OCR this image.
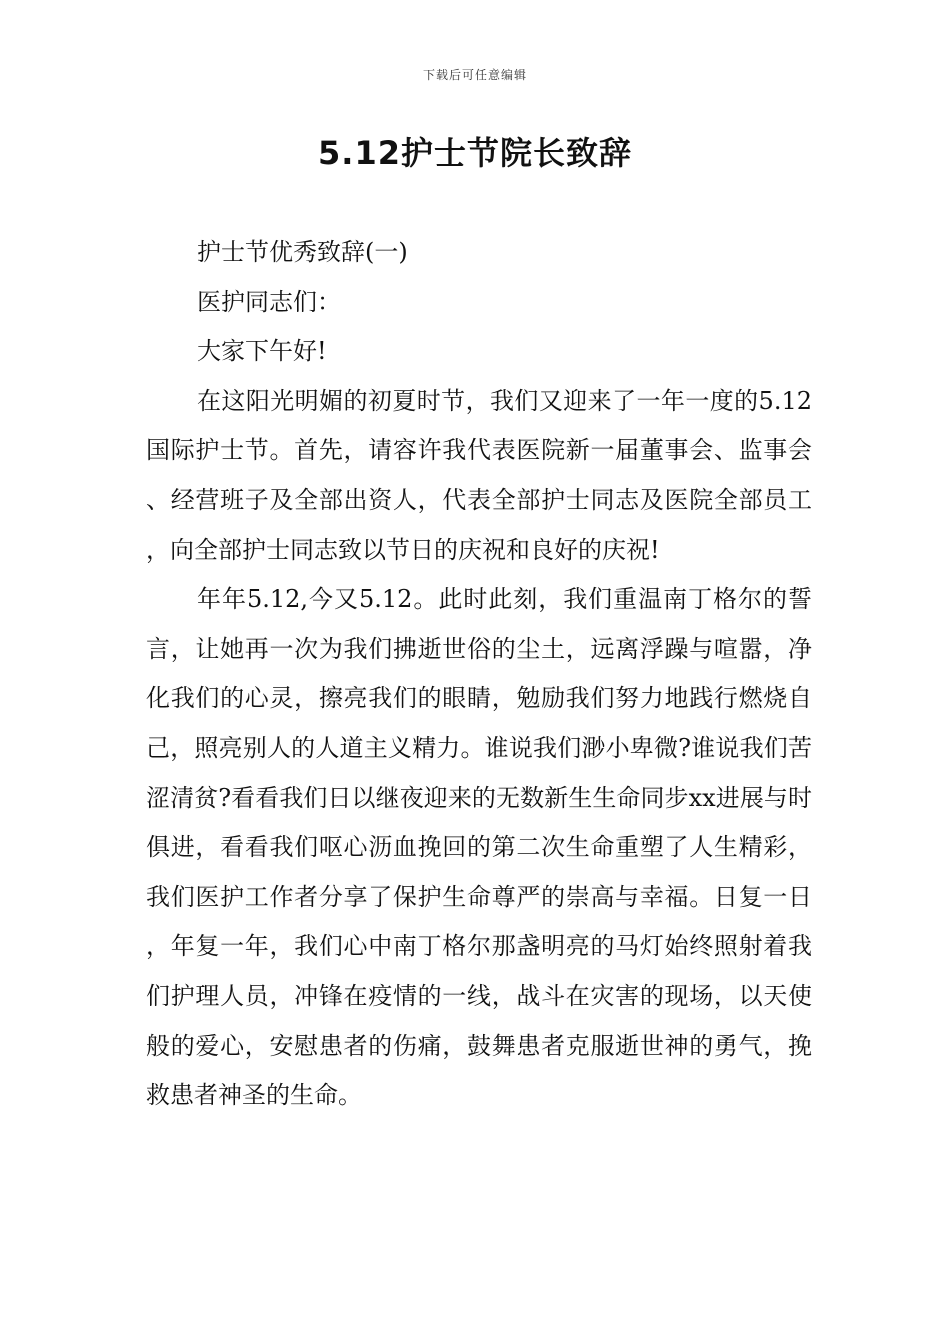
下载后可任意编辑
5.12护士节院长致辞

护士节优秀致辞(一)

医护同志们：

大家下午好!

在这阳光明媚的初夏时节，我们又迎来了一年一度的5.12国际护士节。首先，请容许我代表医院新一届董事会、监事会、经营班子及全部出资人，代表全部护士同志及医院全部员工，向全部护士同志致以节日的庆祝和良好的庆祝!

年年5.12,今又5.12。此时此刻，我们重温南丁格尔的誓言，让她再一次为我们拂逝世俗的尘土，远离浮躁与喧嚣，净化我们的心灵，擦亮我们的眼睛，勉励我们努力地践行燃烧自己，照亮别人的人道主义精力。谁说我们渺小卑微?谁说我们苦涩清贫?看看我们日以继夜迎来的无数新生生命同步xx进展与时俱进，看看我们呕心沥血挽回的第二次生命重塑了人生精彩，我们医护工作者分享了保护生命尊严的崇高与幸福。日复一日，年复一年，我们心中南丁格尔那盏明亮的马灯始终照射着我们护理人员，冲锋在疫情的一线，战斗在灾害的现场，以天使般的爱心，安慰患者的伤痛，鼓舞患者克服逝世神的勇气，挽救患者神圣的生命。
